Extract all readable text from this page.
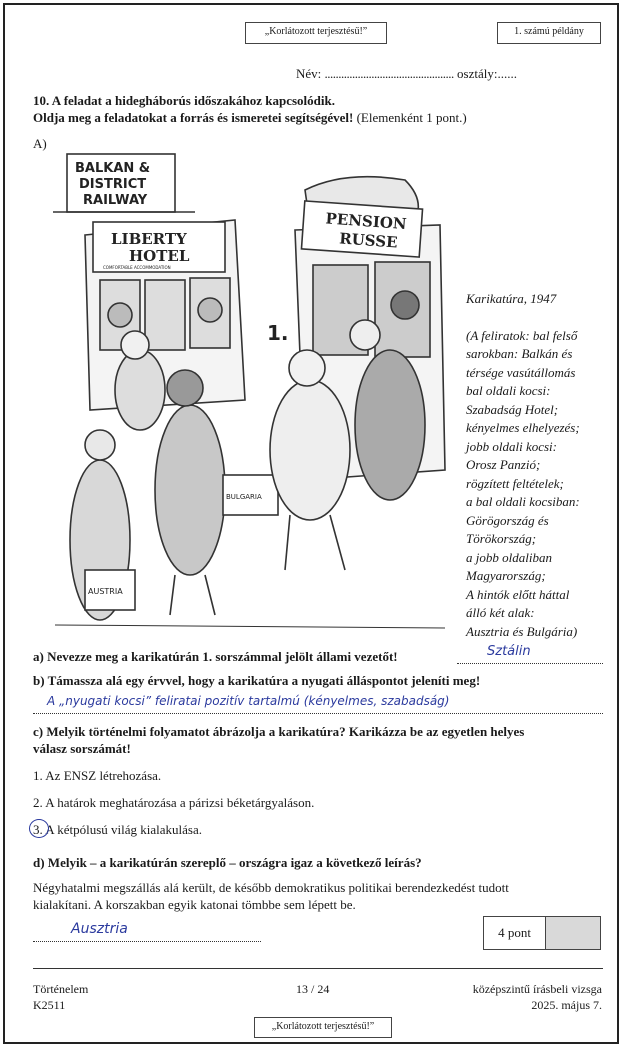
„Korlátozott terjesztésű!”	1. számú példány
Név: ............................................... osztály:......
10. A feladat a hidegháborús időszakához kapcsolódik.
Oldja meg a feladatokat a forrás és ismeretei segítségével! (Elemenként 1 pont.)
A)
BALKAN &
DISTRICT
RAILWAY
LIBERTY
HOTEL
COMFORTABLE ACCOMMODATION
PENSION
RUSSE
AUSTRIA
BULGARIA
1.
Karikatúra, 1947
(A feliratok: bal felső
sarokban: Balkán és
térsége vasútállomás
bal oldali kocsi:
Szabadság Hotel;
kényelmes elhelyezés;
jobb oldali kocsi:
Orosz Panzió;
rögzített feltételek;
a bal oldali kocsiban:
Görögország és
Törökország;
a jobb oldaliban
Magyarország;
A hintók előtt háttal
álló két alak:
Ausztria és Bulgária)
a) Nevezze meg a karikatúrán 1. sorszámmal jelölt állami vezetőt!	Sztálin
b) Támassza alá egy érvvel, hogy a karikatúra a nyugati álláspontot jeleníti meg!
A „nyugati kocsi” feliratai pozitív tartalmú (kényelmes, szabadság)
c) Melyik történelmi folyamatot ábrázolja a karikatúra? Karikázza be az egyetlen helyes
válasz sorszámát!
1. Az ENSZ létrehozása.
2. A határok meghatározása a párizsi béketárgyaláson.
3. A kétpólusú világ kialakulása.
d) Melyik – a karikatúrán szereplő – országra igaz a következő leírás?
Négyhatalmi megszállás alá került, de később demokratikus politikai berendezkedést tudott
kialakítani. A korszakban egyik katonai tömbbe sem lépett be.
Ausztria	4 pont
Történelem
K2511
13 / 24	középszintű írásbeli vizsga
2025. május 7.
„Korlátozott terjesztésű!”
